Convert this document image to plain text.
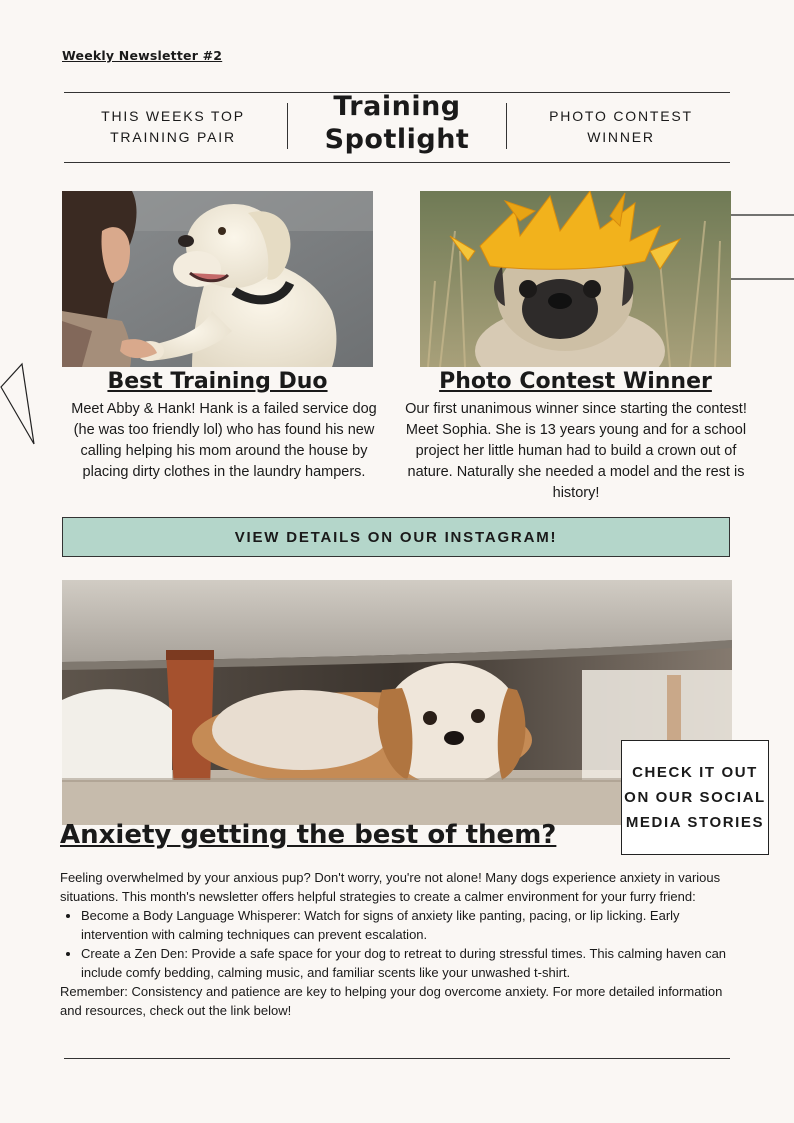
Weekly Newsletter #2
THIS WEEKS TOP TRAINING PAIR
Training Spotlight
PHOTO CONTEST WINNER
Best Training Duo
Meet Abby & Hank! Hank is a failed service dog (he was too friendly lol) who has found his new calling helping his mom around the house by placing dirty clothes in the laundry hampers.
Photo Contest Winner
Our first unanimous winner since starting the contest! Meet Sophia. She is 13 years young and for a school project her little human had to build a crown out of nature. Naturally she needed a model and the rest is history!
VIEW DETAILS ON OUR INSTAGRAM!
CHECK IT OUT ON OUR SOCIAL MEDIA STORIES
Anxiety getting the best of them?

Feeling overwhelmed by your anxious pup? Don't worry, you're not alone! Many dogs experience anxiety in various situations. This month's newsletter offers helpful strategies to create a calmer environment for your furry friend:

• Become a Body Language Whisperer: Watch for signs of anxiety like panting, pacing, or lip licking. Early intervention with calming techniques can prevent escalation.
• Create a Zen Den: Provide a safe space for your dog to retreat to during stressful times. This calming haven can include comfy bedding, calming music, and familiar scents like your unwashed t-shirt.

Remember: Consistency and patience are key to helping your dog overcome anxiety. For more detailed information and resources, check out the link below!
